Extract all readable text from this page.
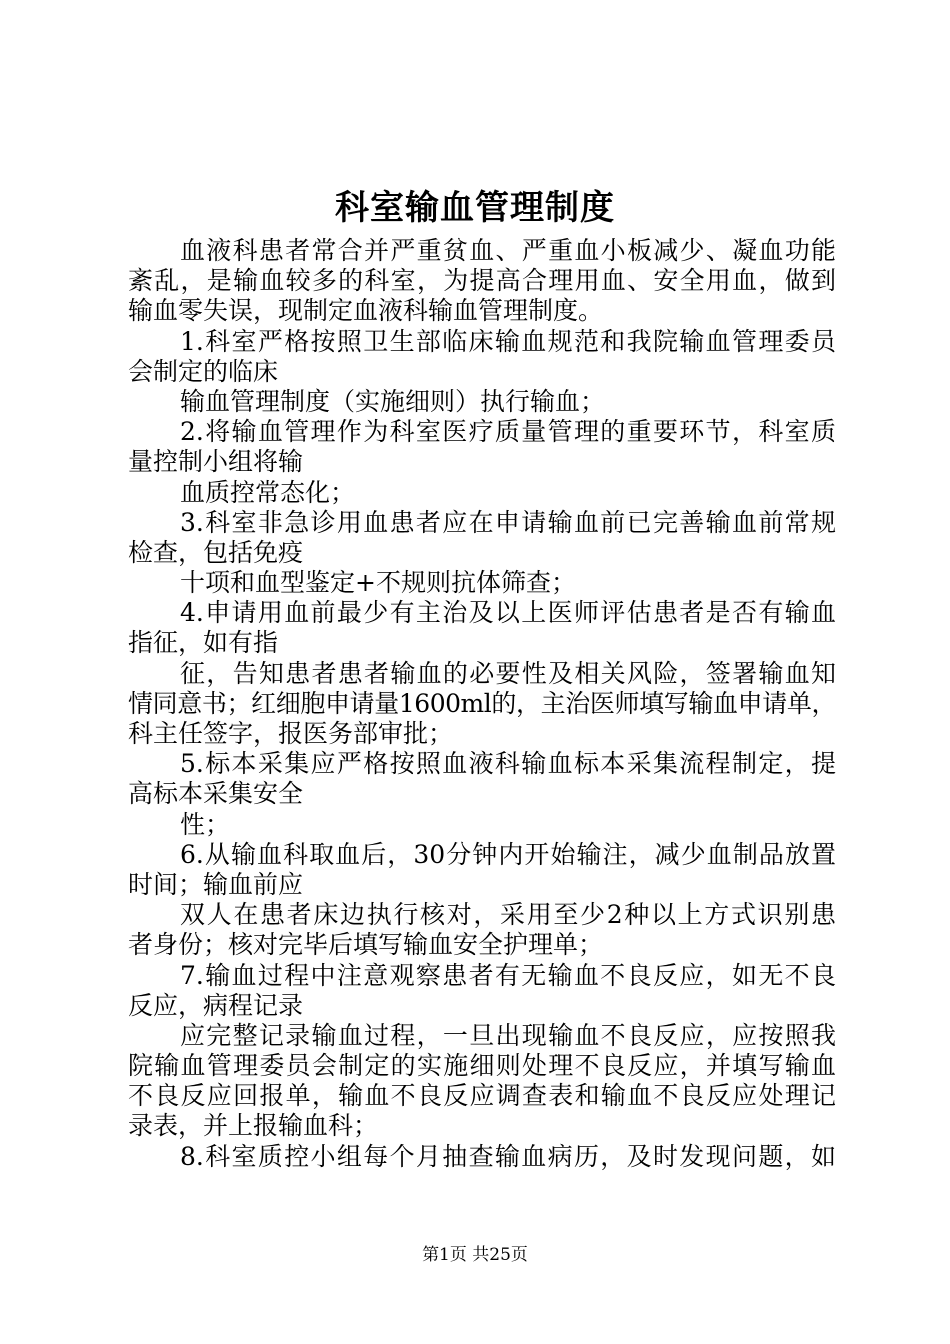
科室输血管理制度
血液科患者常合并严重贫血、严重血小板减少、凝血功能
紊乱，是输血较多的科室，为提高合理用血、安全用血，做到
输血零失误，现制定血液科输血管理制度。
1.科室严格按照卫生部临床输血规范和我院输血管理委员
会制定的临床
输血管理制度（实施细则）执行输血；
2.将输血管理作为科室医疗质量管理的重要环节，科室质
量控制小组将输
血质控常态化；
3.科室非急诊用血患者应在申请输血前已完善输血前常规
检查，包括免疫
十项和血型鉴定+不规则抗体筛查；
4.申请用血前最少有主治及以上医师评估患者是否有输血
指征，如有指
征，告知患者患者输血的必要性及相关风险，签署输血知
情同意书；红细胞申请量1600ml的，主治医师填写输血申请单，
科主任签字，报医务部审批；
5.标本采集应严格按照血液科输血标本采集流程制定，提
高标本采集安全
性；
6.从输血科取血后，30分钟内开始输注，减少血制品放置
时间；输血前应
双人在患者床边执行核对，采用至少2种以上方式识别患
者身份；核对完毕后填写输血安全护理单；
7.输血过程中注意观察患者有无输血不良反应，如无不良
反应，病程记录
应完整记录输血过程，一旦出现输血不良反应，应按照我
院输血管理委员会制定的实施细则处理不良反应，并填写输血
不良反应回报单，输血不良反应调查表和输血不良反应处理记
录表，并上报输血科；
8.科室质控小组每个月抽查输血病历，及时发现问题，如
第1页 共25页
